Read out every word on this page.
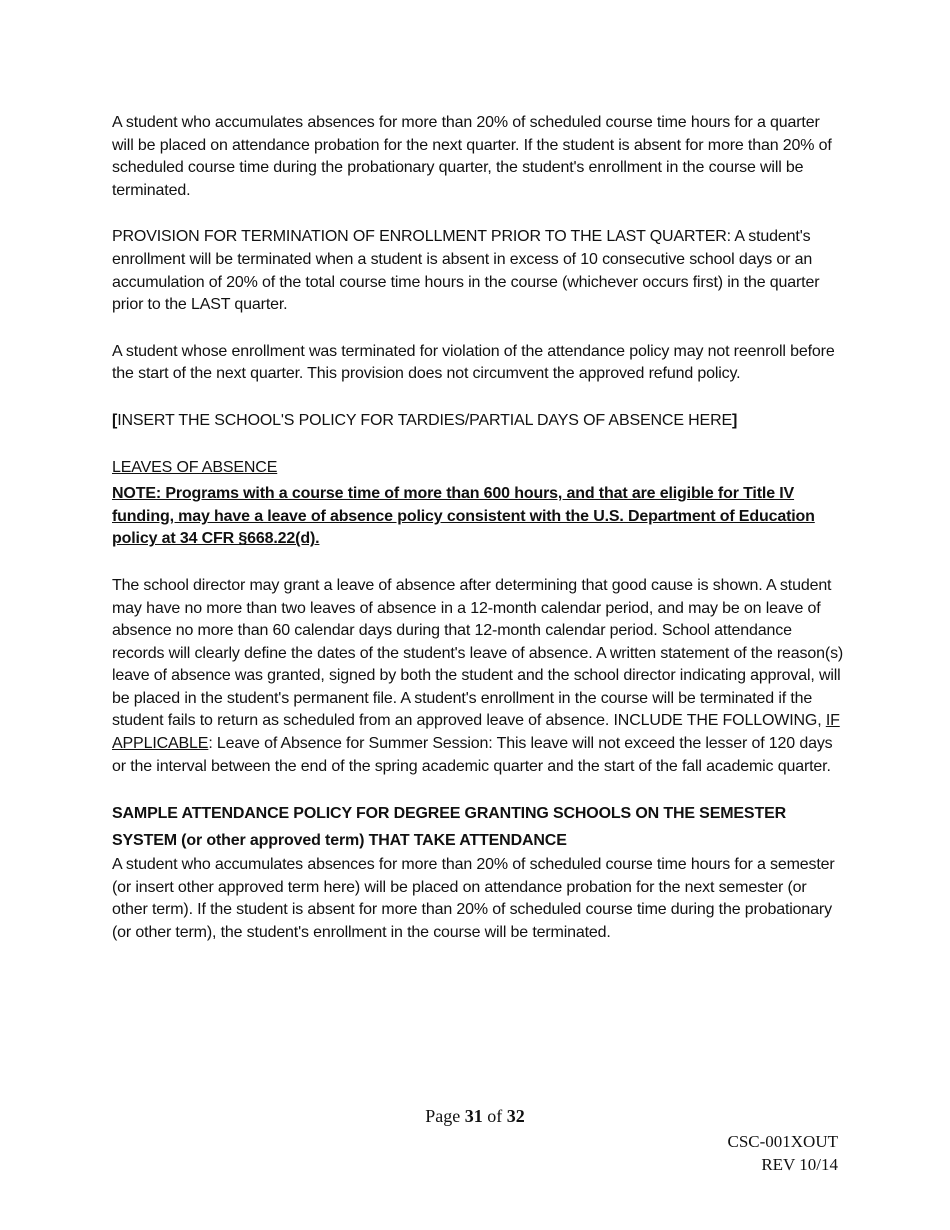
A student who accumulates absences for more than 20% of scheduled course time hours for a quarter will be placed on attendance probation for the next quarter. If the student is absent for more than 20% of scheduled course time during the probationary quarter, the student's enrollment in the course will be terminated.

PROVISION FOR TERMINATION OF ENROLLMENT PRIOR TO THE LAST QUARTER: A student's enrollment will be terminated when a student is absent in excess of 10 consecutive school days or an accumulation of 20% of the total course time hours in the course (whichever occurs first) in the quarter prior to the LAST quarter.

A student whose enrollment was terminated for violation of the attendance policy may not reenroll before the start of the next quarter. This provision does not circumvent the approved refund policy.

[INSERT THE SCHOOL'S POLICY FOR TARDIES/PARTIAL DAYS OF ABSENCE HERE]

LEAVES OF ABSENCE

NOTE: Programs with a course time of more than 600 hours, and that are eligible for Title IV funding, may have a leave of absence policy consistent with the U.S. Department of Education policy at 34 CFR §668.22(d).

The school director may grant a leave of absence after determining that good cause is shown. A student may have no more than two leaves of absence in a 12-month calendar period, and may be on leave of absence no more than 60 calendar days during that 12-month calendar period. School attendance records will clearly define the dates of the student's leave of absence. A written statement of the reason(s) leave of absence was granted, signed by both the student and the school director indicating approval, will be placed in the student's permanent file. A student's enrollment in the course will be terminated if the student fails to return as scheduled from an approved leave of absence. INCLUDE THE FOLLOWING, IF APPLICABLE: Leave of Absence for Summer Session: This leave will not exceed the lesser of 120 days or the interval between the end of the spring academic quarter and the start of the fall academic quarter.

SAMPLE ATTENDANCE POLICY FOR DEGREE GRANTING SCHOOLS ON THE SEMESTER SYSTEM (or other approved term) THAT TAKE ATTENDANCE

A student who accumulates absences for more than 20% of scheduled course time hours for a semester (or insert other approved term here) will be placed on attendance probation for the next semester (or other term). If the student is absent for more than 20% of scheduled course time during the probationary (or other term), the student's enrollment in the course will be terminated.

Page 31 of 32
CSC-001XOUT
REV 10/14
